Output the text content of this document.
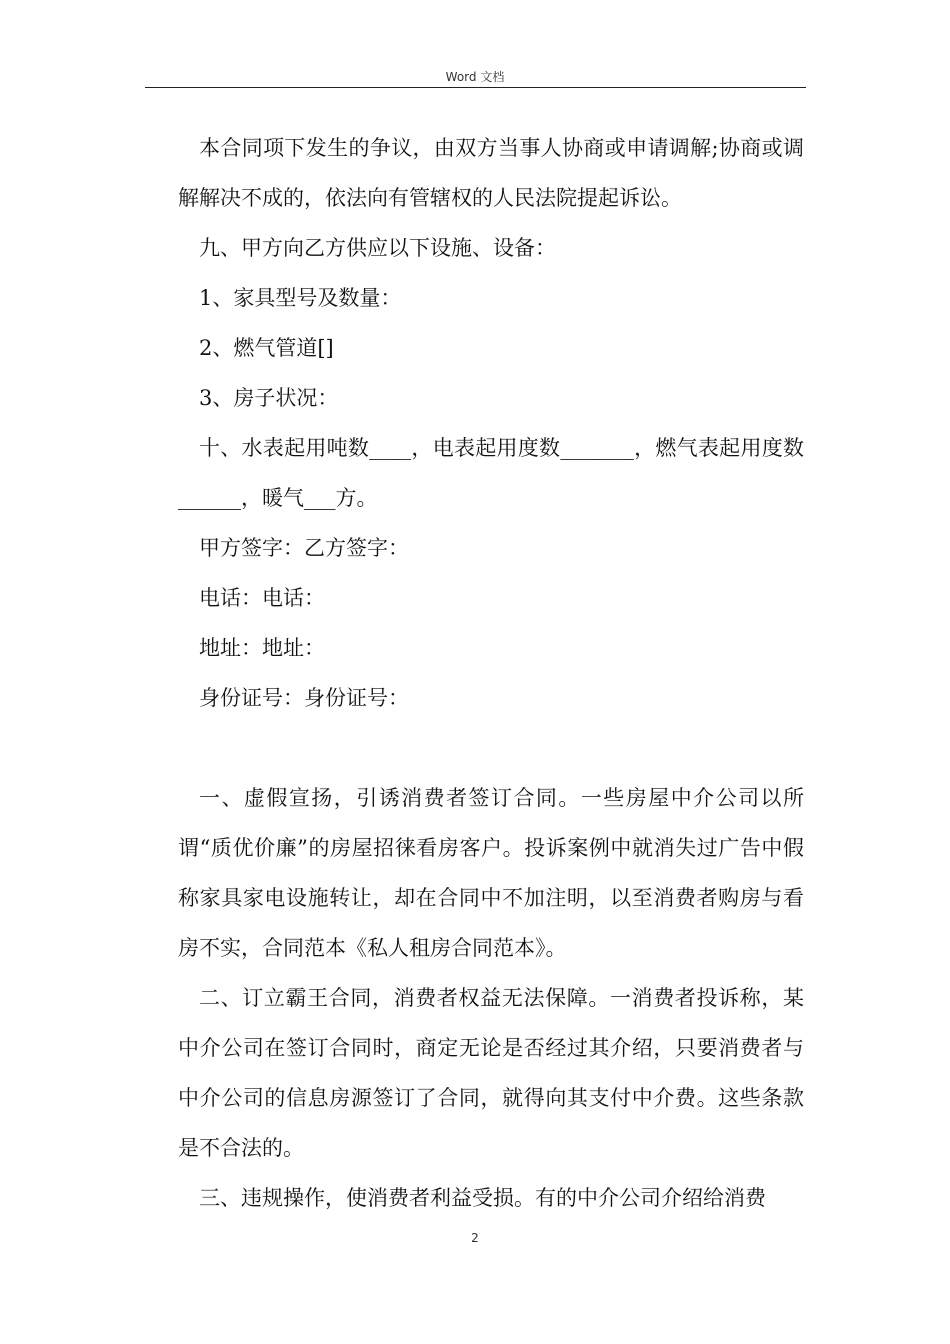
Word 文档

本合同项下发生的争议，由双方当事人协商或申请调解;协商或调解解决不成的，依法向有管辖权的人民法院提起诉讼。

九、甲方向乙方供应以下设施、设备：

1、家具型号及数量：

2、燃气管道[]

3、房子状况：

十、水表起用吨数____，电表起用度数_______，燃气表起用度数______，暖气___方。

甲方签字：乙方签字：

电话：电话：

地址：地址：

身份证号：身份证号：

一、虚假宣扬，引诱消费者签订合同。一些房屋中介公司以所谓“质优价廉”的房屋招徕看房客户。投诉案例中就消失过广告中假称家具家电设施转让，却在合同中不加注明，以至消费者购房与看房不实，合同范本《私人租房合同范本》。

二、订立霸王合同，消费者权益无法保障。一消费者投诉称，某中介公司在签订合同时，商定无论是否经过其介绍，只要消费者与中介公司的信息房源签订了合同，就得向其支付中介费。这些条款是不合法的。

三、违规操作，使消费者利益受损。有的中介公司介绍给消费

2
